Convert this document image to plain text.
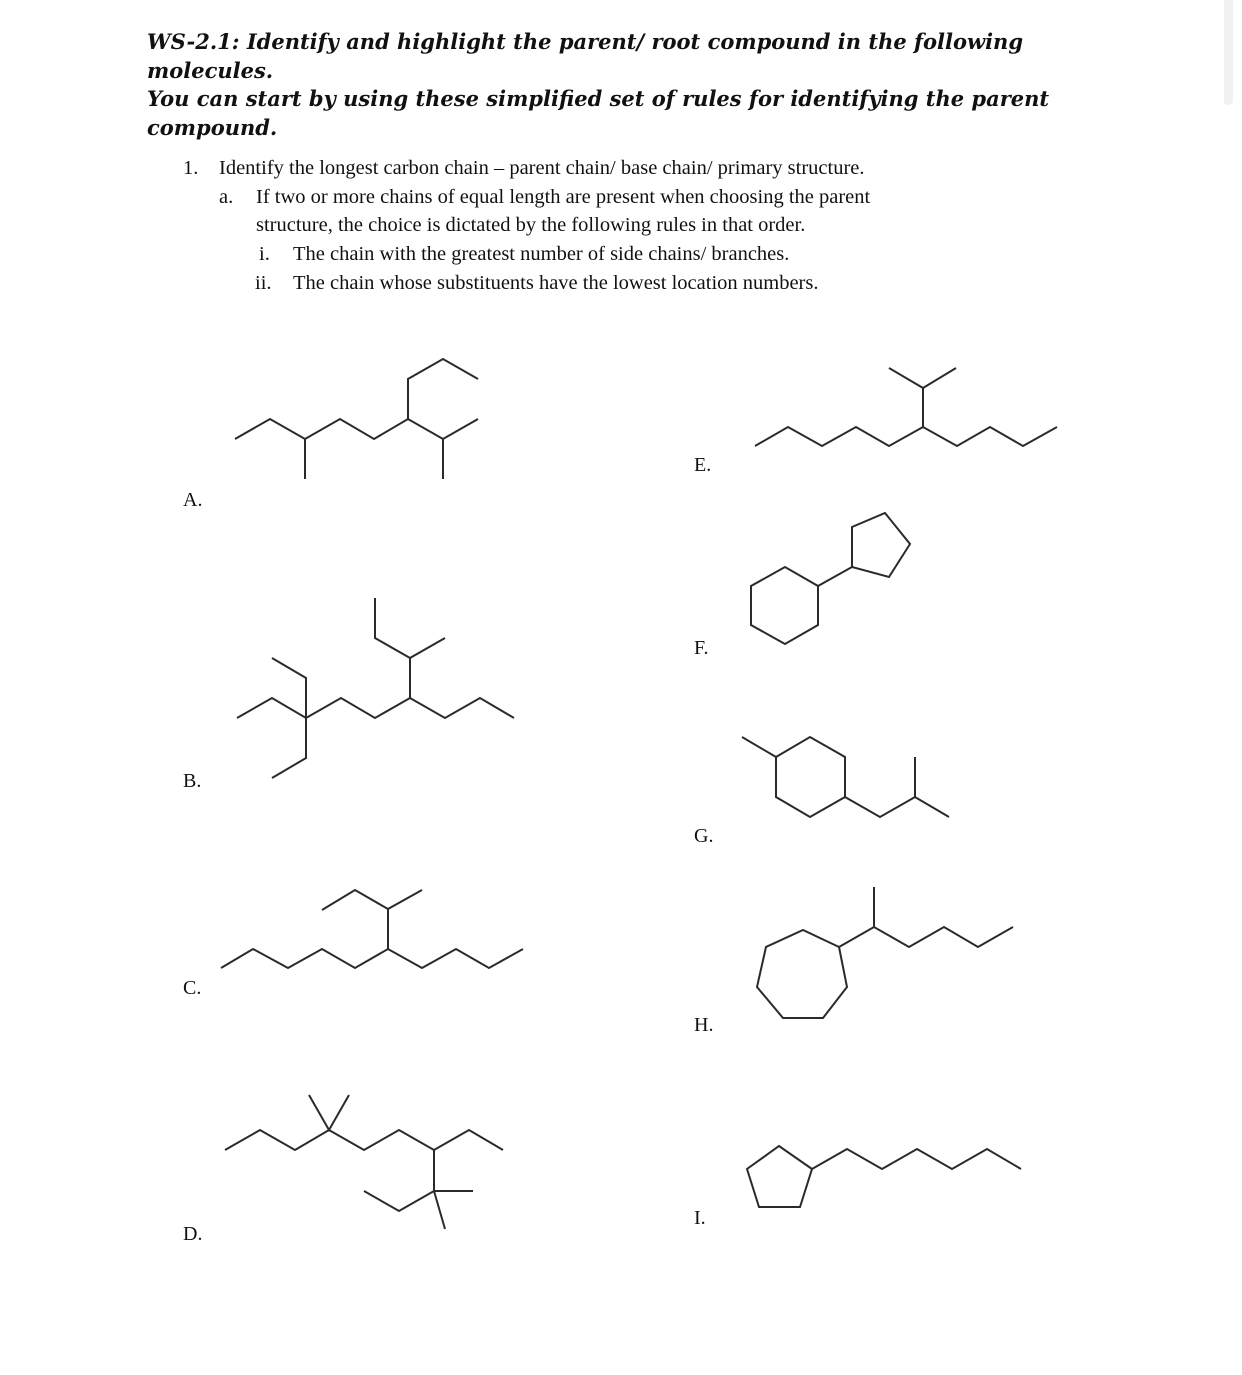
WS-2.1: Identify and highlight the parent/ root compound in the following molecules.
You can start by using these simplified set of rules for identifying the parent
compound.
1. Identify the longest carbon chain – parent chain/ base chain/ primary structure.
a. If two or more chains of equal length are present when choosing the parent
structure, the choice is dictated by the following rules in that order.
i. The chain with the greatest number of side chains/ branches.
ii. The chain whose substituents have the lowest location numbers.
A.
B.
C.
D.
E.
F.
G.
H.
I.
